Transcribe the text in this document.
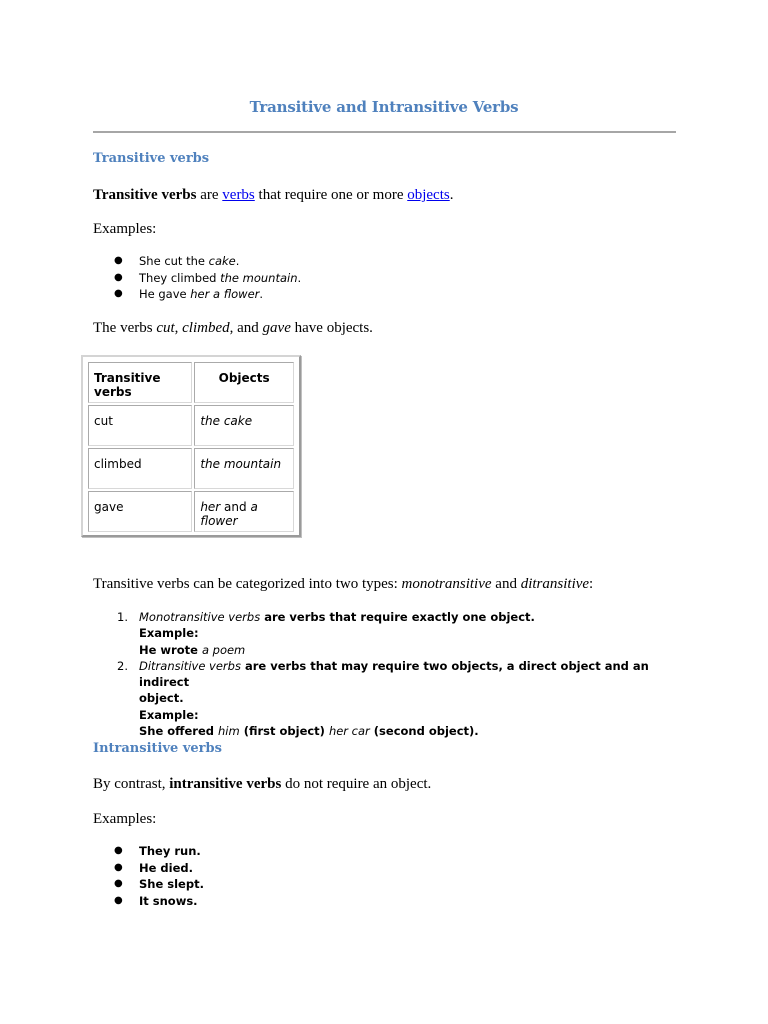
Transitive and Intransitive Verbs
Transitive verbs
Transitive verbs are verbs that require one or more objects.
Examples:
● She cut the cake.
● They climbed the mountain.
● He gave her a flower.
The verbs cut, climbed, and gave have objects.
Transitive verbs	Objects
cut	the cake
climbed	the mountain
gave	her and a flower
Transitive verbs can be categorized into two types: monotransitive and ditransitive:
1. Monotransitive verbs are verbs that require exactly one object.
Example:
He wrote a poem
2. Ditransitive verbs are verbs that may require two objects, a direct object and an indirect
object.
Example:
She offered him (first object) her car (second object).
Intransitive verbs
By contrast, intransitive verbs do not require an object.
Examples:
● They run.
● He died.
● She slept.
● It snows.
